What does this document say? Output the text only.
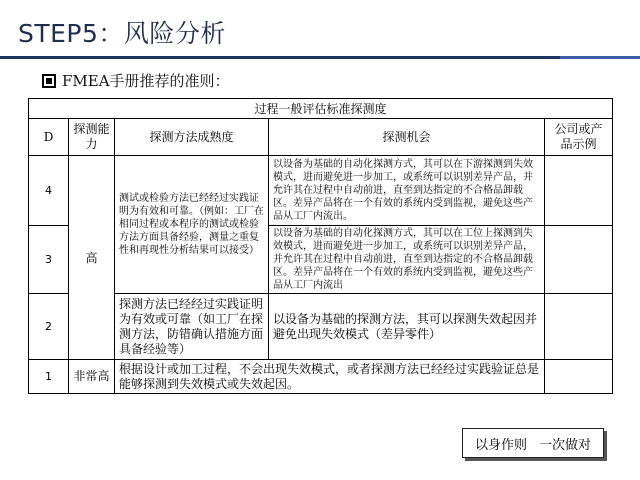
STEP5：风险分析
FMEA手册推荐的准则：
过程一般评估标准探测度				
D	探测能力	探测方法成熟度	探测机会	公司或产品示例
4	高	测试或检验方法已经经过实践证明为有效和可靠。（例如：工厂在相同过程或本程序的测试或检验方法方面具备经验，测量之重复性和再现性分析结果可以接受）	以设备为基础的自动化探测方式，其可以在下游探测到失效模式，进而避免进一步加工，或系统可以识别差异产品，并允许其在过程中自动前进，直至到达指定的不合格品卸载区。差异产品将在一个有效的系统内受到监视，避免这些产品从工厂内流出。	
3			以设备为基础的自动化探测方式，其可以在工位上探测到失效模式，进而避免进一步加工，或系统可以识别差异产品，并允许其在过程中自动前进，直至到达指定的不合格品卸载区。差异产品将在一个有效的系统内受到监视，避免这些产品从工厂内流出	
2		探测方法已经经过实践证明为有效或可靠（如工厂在探测方法，防错确认措施方面具备经验等）	以设备为基础的探测方法，其可以探测失效起因并避免出现失效模式（差异零件）	
1	非常高	根据设计或加工过程，不会出现失效模式，或者探测方法已经经过实践验证总是能够探测到失效模式或失效起因。		
以身作则 一次做对
